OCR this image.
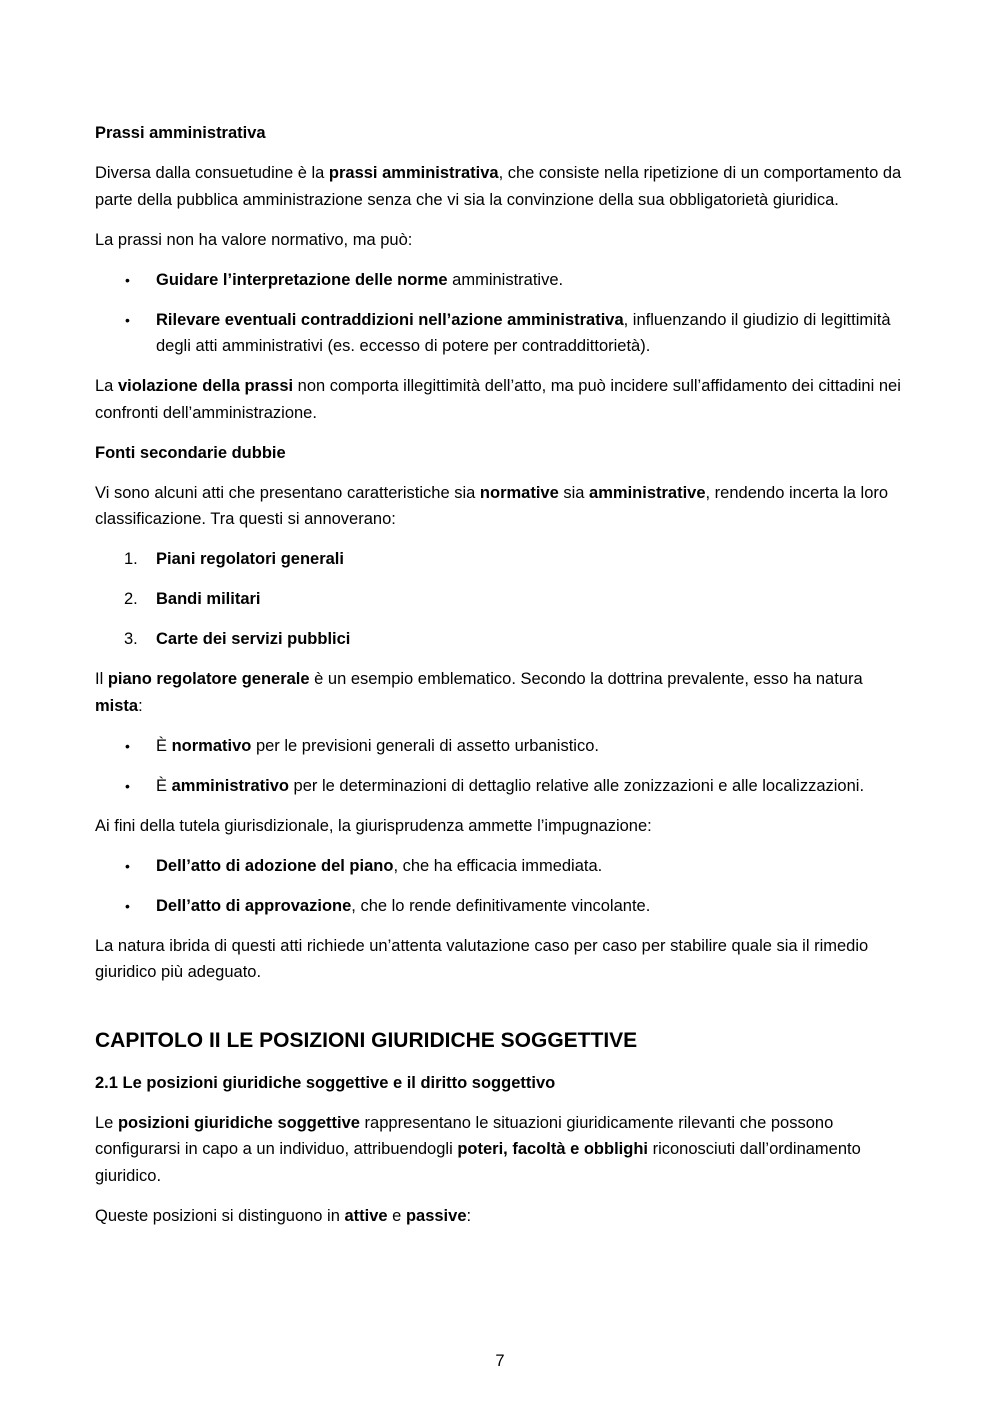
Prassi amministrativa

Diversa dalla consuetudine è la prassi amministrativa, che consiste nella ripetizione di un comportamento da parte della pubblica amministrazione senza che vi sia la convinzione della sua obbligatorietà giuridica.

La prassi non ha valore normativo, ma può:

• Guidare l’interpretazione delle norme amministrative.
• Rilevare eventuali contraddizioni nell’azione amministrativa, influenzando il giudizio di legittimità degli atti amministrativi (es. eccesso di potere per contraddittorietà).

La violazione della prassi non comporta illegittimità dell’atto, ma può incidere sull’affidamento dei cittadini nei confronti dell’amministrazione.

Fonti secondarie dubbie

Vi sono alcuni atti che presentano caratteristiche sia normative sia amministrative, rendendo incerta la loro classificazione. Tra questi si annoverano:

1. Piani regolatori generali
2. Bandi militari
3. Carte dei servizi pubblici

Il piano regolatore generale è un esempio emblematico. Secondo la dottrina prevalente, esso ha natura mista:

• È normativo per le previsioni generali di assetto urbanistico.
• È amministrativo per le determinazioni di dettaglio relative alle zonizzazioni e alle localizzazioni.

Ai fini della tutela giurisdizionale, la giurisprudenza ammette l’impugnazione:

• Dell’atto di adozione del piano, che ha efficacia immediata.
• Dell’atto di approvazione, che lo rende definitivamente vincolante.

La natura ibrida di questi atti richiede un’attenta valutazione caso per caso per stabilire quale sia il rimedio giuridico più adeguato.

CAPITOLO II LE POSIZIONI GIURIDICHE SOGGETTIVE
2.1 Le posizioni giuridiche soggettive e il diritto soggettivo

Le posizioni giuridiche soggettive rappresentano le situazioni giuridicamente rilevanti che possono configurarsi in capo a un individuo, attribuendogli poteri, facoltà e obblighi riconosciuti dall’ordinamento giuridico.

Queste posizioni si distinguono in attive e passive:

7
